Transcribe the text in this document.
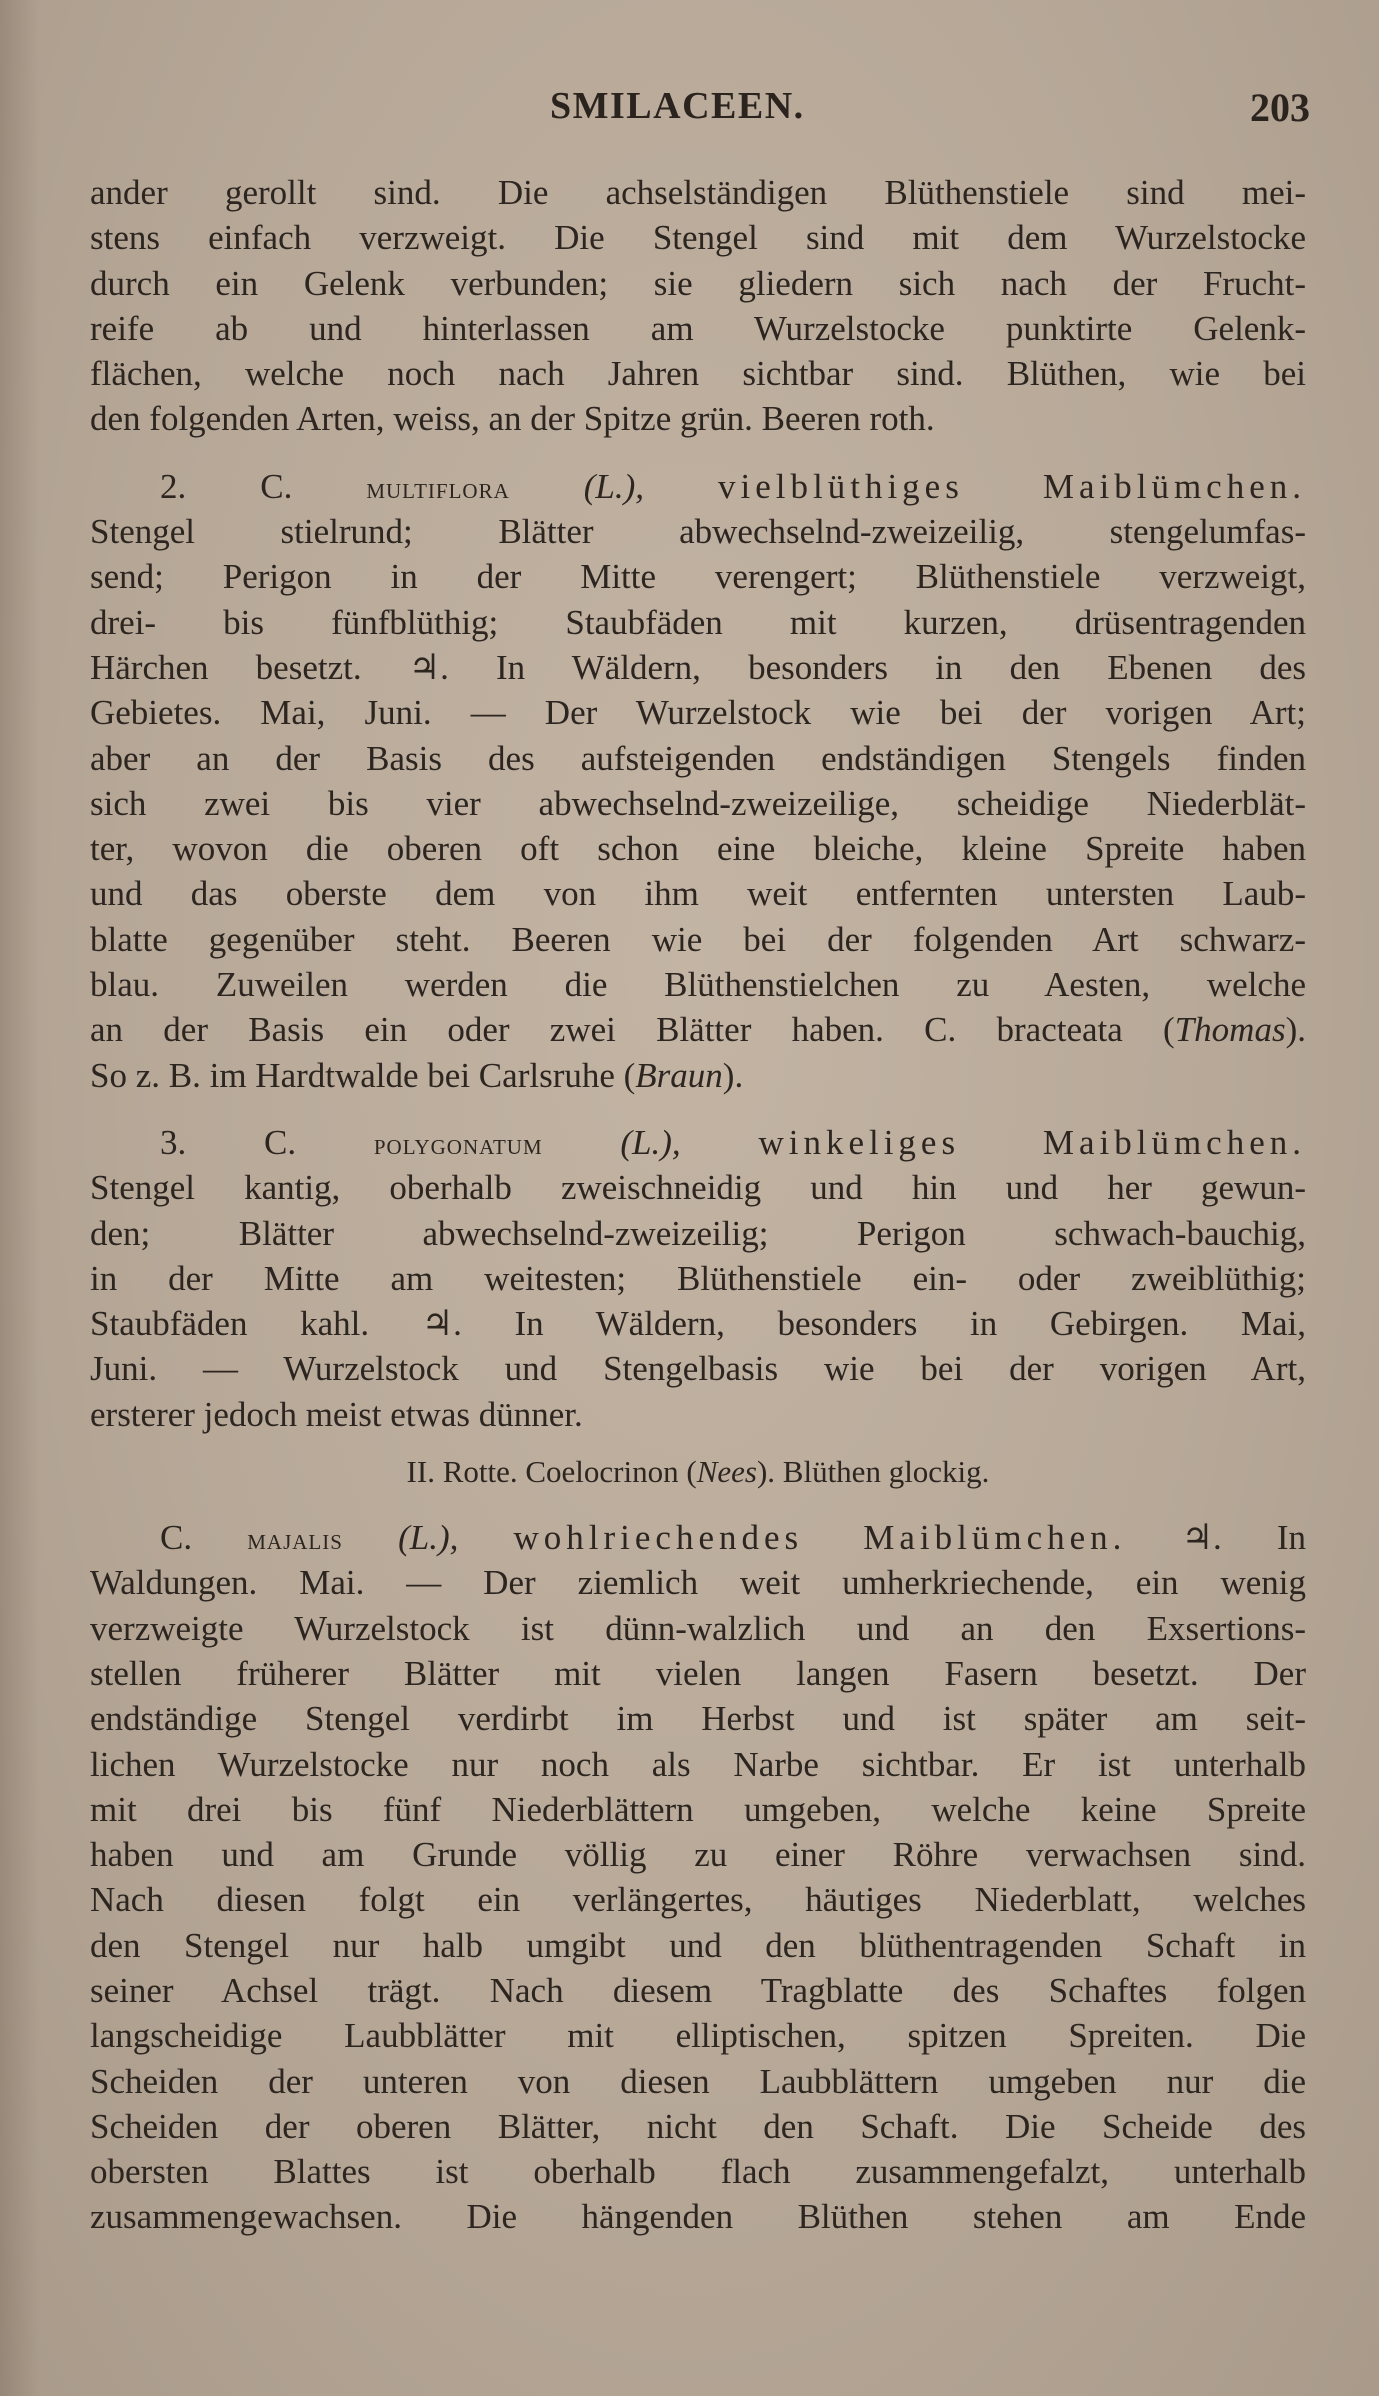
SMILACEEN.	203
ander gerollt sind. Die achselständigen Blüthenstiele sind mei-
stens einfach verzweigt. Die Stengel sind mit dem Wurzelstocke
durch ein Gelenk verbunden; sie gliedern sich nach der Frucht-
reife ab und hinterlassen am Wurzelstocke punktirte Gelenk-
flächen, welche noch nach Jahren sichtbar sind. Blüthen, wie bei
den folgenden Arten, weiss, an der Spitze grün. Beeren roth.
2. C. multiflora (L.), vielblüthiges Maiblümchen.
Stengel stielrund; Blätter abwechselnd-zweizeilig, stengelumfas-
send; Perigon in der Mitte verengert; Blüthenstiele verzweigt,
drei- bis fünfblüthig; Staubfäden mit kurzen, drüsentragenden
Härchen besetzt. ♃. In Wäldern, besonders in den Ebenen des
Gebietes. Mai, Juni. — Der Wurzelstock wie bei der vorigen Art;
aber an der Basis des aufsteigenden endständigen Stengels finden
sich zwei bis vier abwechselnd-zweizeilige, scheidige Niederblät-
ter, wovon die oberen oft schon eine bleiche, kleine Spreite haben
und das oberste dem von ihm weit entfernten untersten Laub-
blatte gegenüber steht. Beeren wie bei der folgenden Art schwarz-
blau. Zuweilen werden die Blüthenstielchen zu Aesten, welche
an der Basis ein oder zwei Blätter haben. C. bracteata (Thomas).
So z. B. im Hardtwalde bei Carlsruhe (Braun).
3. C.	polygonatum (L.), winkeliges Maiblümchen.
Stengel kantig, oberhalb zweischneidig und hin und her gewun-
den; Blätter abwechselnd-zweizeilig; Perigon schwach-bauchig,
in der Mitte am weitesten; Blüthenstiele ein- oder zweiblüthig;
Staubfäden kahl. ♃. In Wäldern, besonders in Gebirgen. Mai,
Juni. — Wurzelstock und Stengelbasis wie bei der vorigen Art,
ersterer jedoch meist etwas dünner.
II. Rotte. Coelocrinon (Nees). Blüthen glockig.
C. majalis (L.), wohlriechendes Maiblümchen. ♃. In
Waldungen. Mai. — Der ziemlich weit umherkriechende, ein wenig
verzweigte Wurzelstock ist dünn-walzlich und an den Exsertions-
stellen früherer Blätter mit vielen langen Fasern besetzt. Der
endständige Stengel verdirbt im Herbst und ist später am seit-
lichen Wurzelstocke nur noch als Narbe sichtbar. Er ist unterhalb
mit drei bis fünf Niederblättern umgeben, welche keine Spreite
haben und am Grunde völlig zu einer Röhre verwachsen sind.
Nach diesen folgt ein verlängertes, häutiges Niederblatt, welches
den Stengel nur halb umgibt und den blüthentragenden Schaft in
seiner Achsel trägt. Nach diesem Tragblatte des Schaftes folgen
langscheidige Laubblätter mit elliptischen, spitzen Spreiten. Die
Scheiden der unteren von diesen Laubblättern umgeben nur die
Scheiden der oberen Blätter, nicht den Schaft. Die Scheide des
obersten Blattes ist oberhalb flach zusammengefalzt, unterhalb
zusammengewachsen. Die hängenden Blüthen stehen am Ende
